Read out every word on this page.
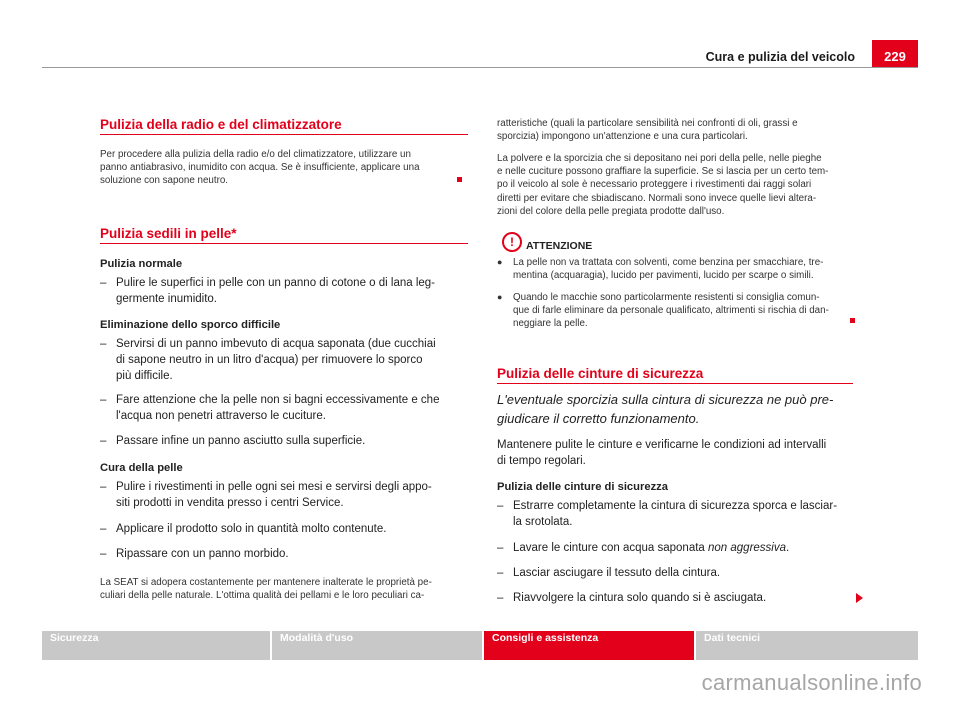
Cura e pulizia del veicolo	229
Pulizia della radio e del climatizzatore
Per procedere alla pulizia della radio e/o del climatizzatore, utilizzare un
panno antiabrasivo, inumidito con acqua. Se è insufficiente, applicare una
soluzione con sapone neutro.
Pulizia sedili in pelle*
Pulizia normale
– Pulire le superfici in pelle con un panno di cotone o di lana leg-
germente inumidito.
Eliminazione dello sporco difficile
– Servirsi di un panno imbevuto di acqua saponata (due cucchiai
di sapone neutro in un litro d'acqua) per rimuovere lo sporco
più difficile.
– Fare attenzione che la pelle non si bagni eccessivamente e che
l'acqua non penetri attraverso le cuciture.
– Passare infine un panno asciutto sulla superficie.
Cura della pelle
– Pulire i rivestimenti in pelle ogni sei mesi e servirsi degli appo-
siti prodotti in vendita presso i centri Service.
– Applicare il prodotto solo in quantità molto contenute.
– Ripassare con un panno morbido.
La SEAT si adopera costantemente per mantenere inalterate le proprietà pe-
culiari della pelle naturale. L'ottima qualità dei pellami e le loro peculiari ca-
ratteristiche (quali la particolare sensibilità nei confronti di oli, grassi e
sporcizia) impongono un'attenzione e una cura particolari.
La polvere e la sporcizia che si depositano nei pori della pelle, nelle pieghe
e nelle cuciture possono graffiare la superficie. Se si lascia per un certo tem-
po il veicolo al sole è necessario proteggere i rivestimenti dai raggi solari
diretti per evitare che sbiadiscano. Normali sono invece quelle lievi altera-
zioni del colore della pelle pregiata prodotte dall'uso.
!	ATTENZIONE
● La pelle non va trattata con solventi, come benzina per smacchiare, tre-
mentina (acquaragia), lucido per pavimenti, lucido per scarpe o simili.
● Quando le macchie sono particolarmente resistenti si consiglia comun-
que di farle eliminare da personale qualificato, altrimenti si rischia di dan-
neggiare la pelle.
Pulizia delle cinture di sicurezza
L'eventuale sporcizia sulla cintura di sicurezza ne può pre-
giudicare il corretto funzionamento.
Mantenere pulite le cinture e verificarne le condizioni ad intervalli
di tempo regolari.
Pulizia delle cinture di sicurezza
– Estrarre completamente la cintura di sicurezza sporca e lasciar-
la srotolata.
– Lavare le cinture con acqua saponata non aggressiva.
– Lasciar asciugare il tessuto della cintura.
– Riavvolgere la cintura solo quando si è asciugata.
Sicurezza	Modalità d'uso	Consigli e assistenza	Dati tecnici
carmanualsonline.info
